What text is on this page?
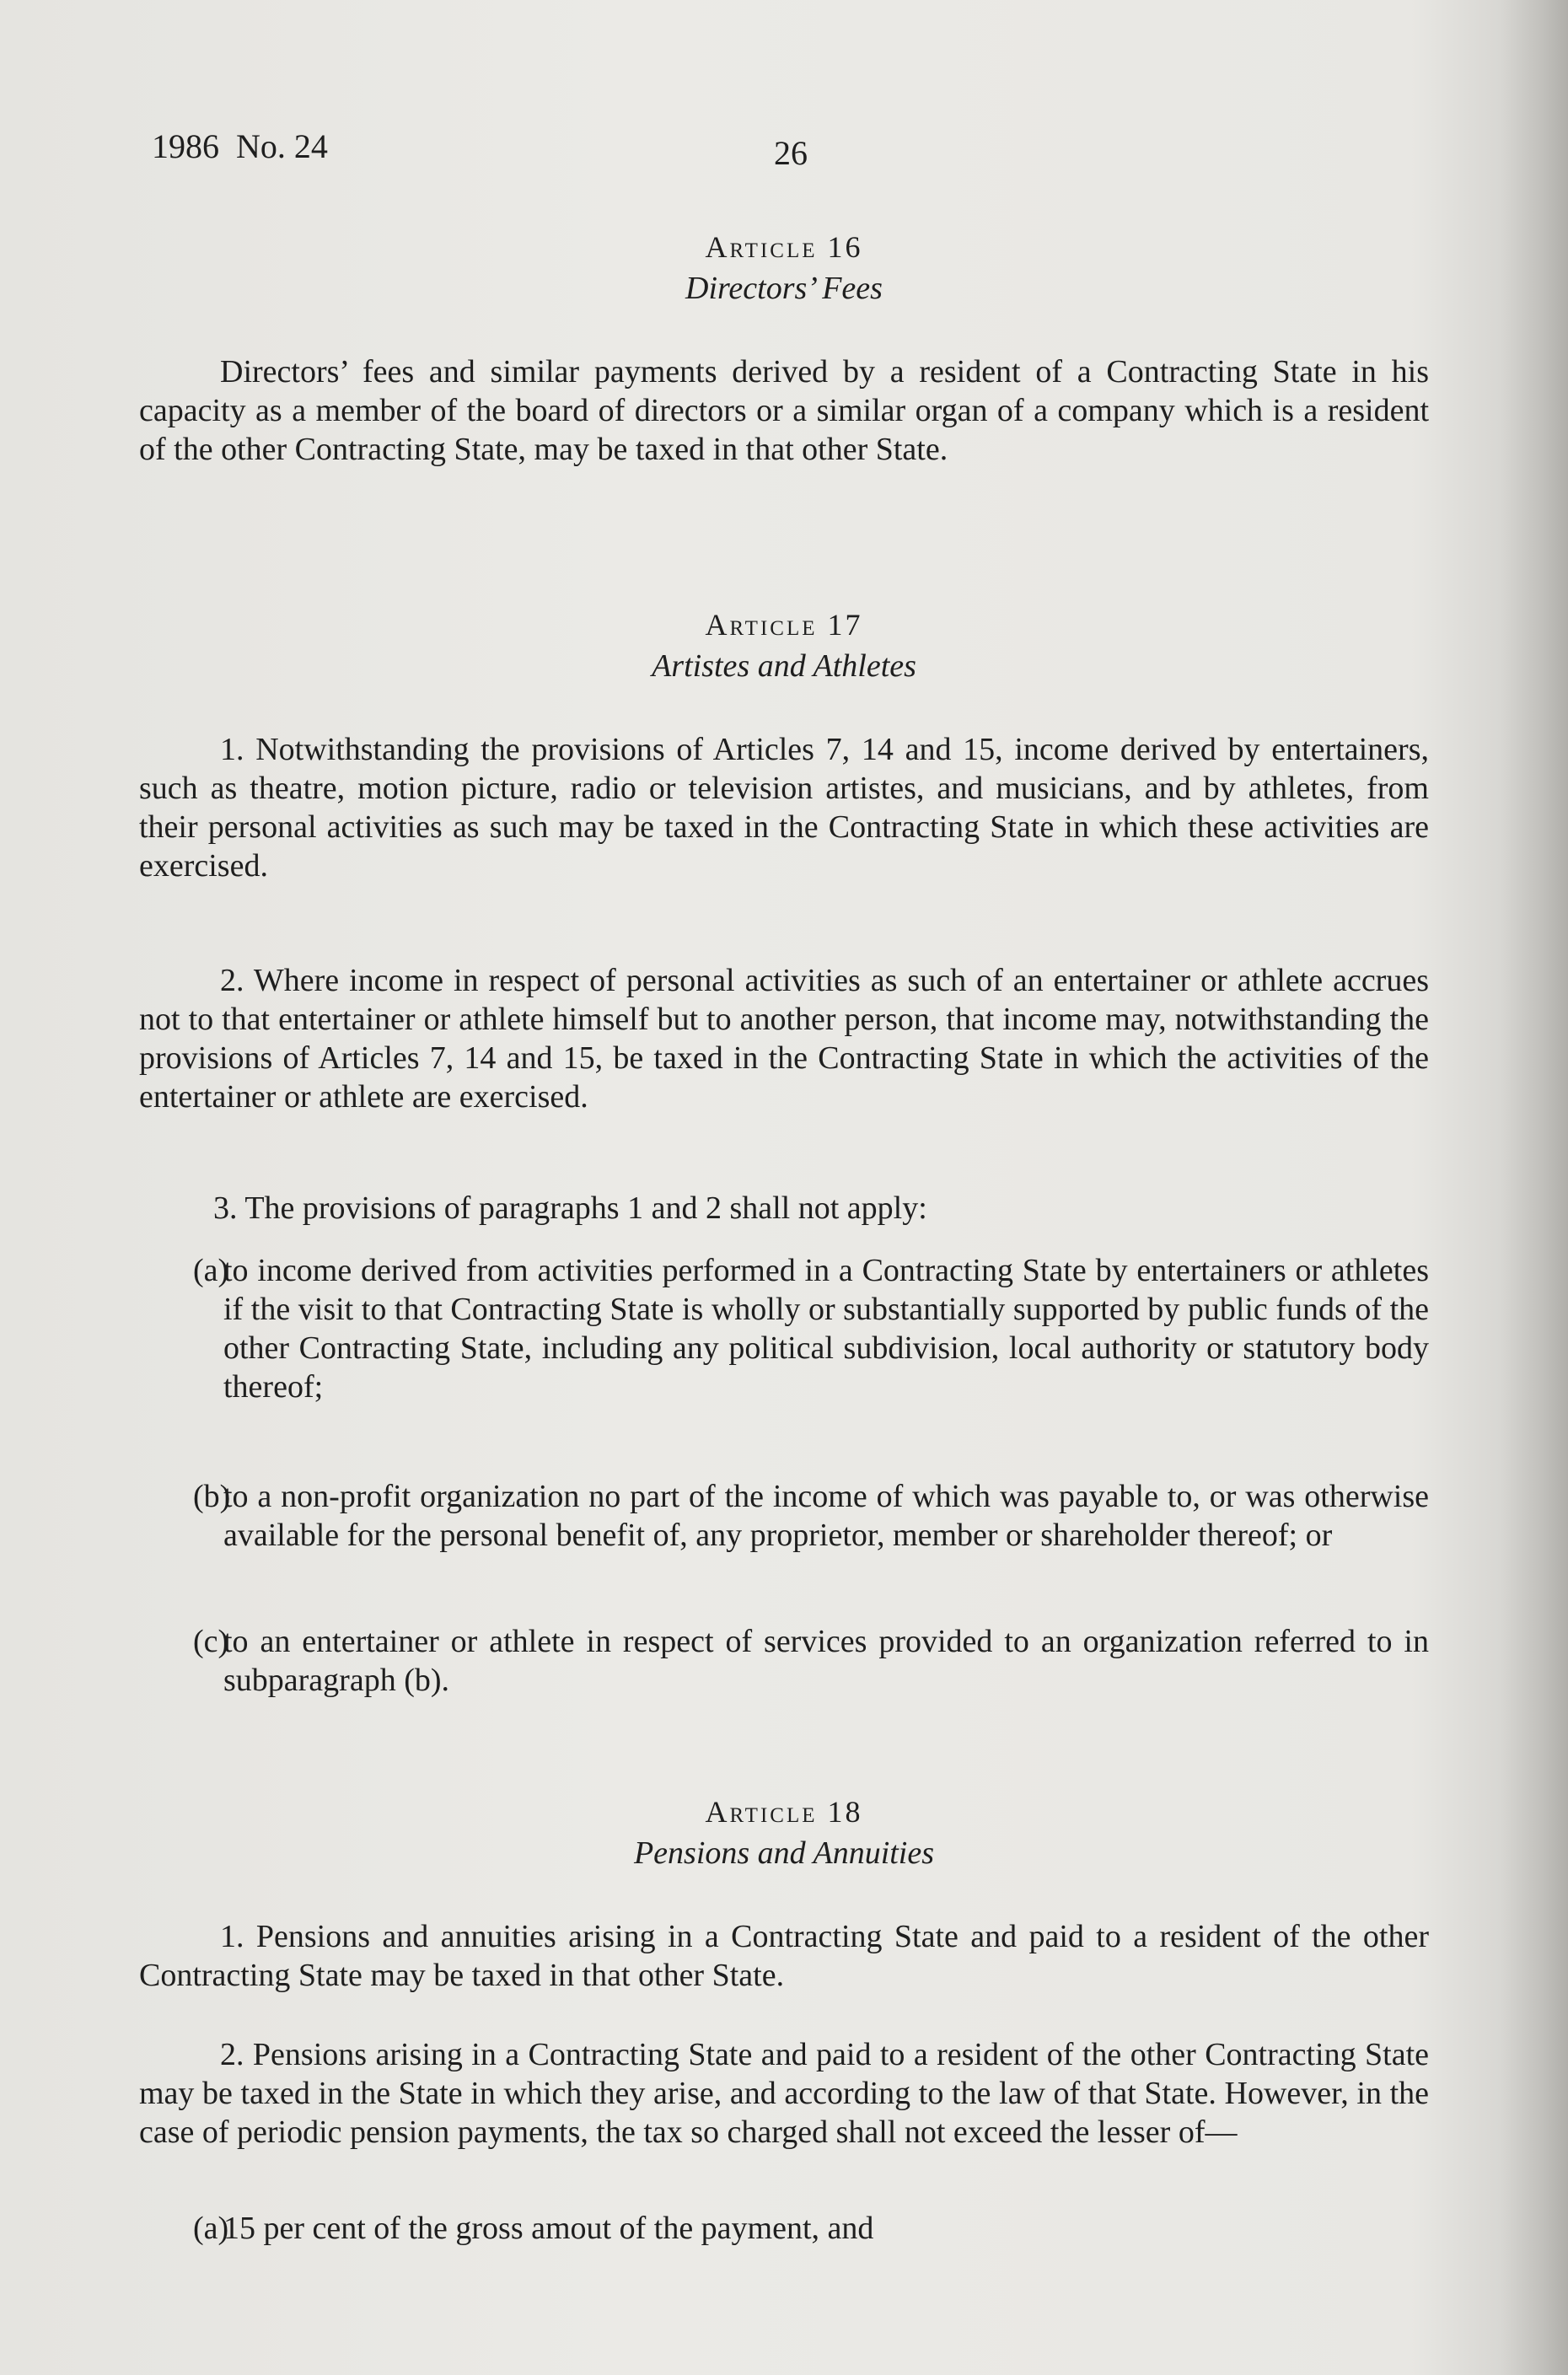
1986  No. 24	26
Article 16
Directors’ Fees

Directors’ fees and similar payments derived by a resident of a Contracting State in his capacity as a member of the board of directors or a similar organ of a company which is a resident of the other Contracting State, may be taxed in that other State.

Article 17
Artistes and Athletes

1. Notwithstanding the provisions of Articles 7, 14 and 15, income derived by entertainers, such as theatre, motion picture, radio or television artistes, and musicians, and by athletes, from their personal activities as such may be taxed in the Contracting State in which these activities are exercised.

2. Where income in respect of personal activities as such of an entertainer or athlete accrues not to that entertainer or athlete himself but to another person, that income may, notwithstanding the provisions of Articles 7, 14 and 15, be taxed in the Contracting State in which the activities of the entertainer or athlete are exercised.

3. The provisions of paragraphs 1 and 2 shall not apply:

(a)
to income derived from activities performed in a Contracting State by entertainers or athletes if the visit to that Contracting State is wholly or substantially supported by public funds of the other Contracting State, including any political subdivision, local authority or statutory body thereof;
(b)
to a non-profit organization no part of the income of which was payable to, or was otherwise available for the personal benefit of, any proprietor, member or shareholder thereof; or
(c)
to an entertainer or athlete in respect of services provided to an organization referred to in subparagraph (b).
Article 18
Pensions and Annuities

1. Pensions and annuities arising in a Contracting State and paid to a resident of the other Contracting State may be taxed in that other State.

2. Pensions arising in a Contracting State and paid to a resident of the other Contracting State may be taxed in the State in which they arise, and according to the law of that State. However, in the case of periodic pension payments, the tax so charged shall not exceed the lesser of—

(a)
15 per cent of the gross amout of the payment, and
